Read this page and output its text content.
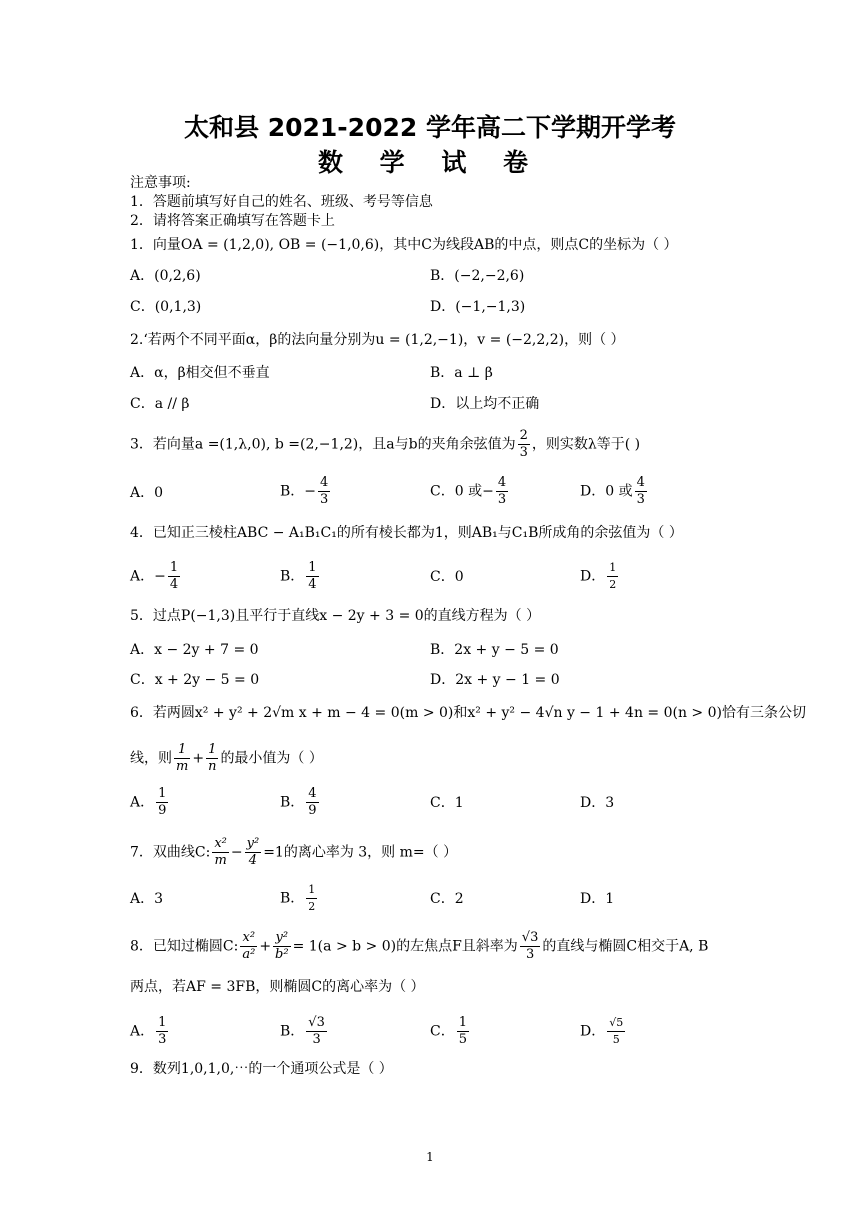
太和县 2021-2022 学年高二下学期开学考
数 学 试 卷
注意事项:
1．答题前填写好自己的姓名、班级、考号等信息
2．请将答案正确填写在答题卡上
1．向量OA = (1,2,0), OB = (−1,0,6)，其中C为线段AB的中点，则点C的坐标为（ ）
A．(0,2,6)	B．(−2,−2,6)
C．(0,1,3)	D．(−1,−1,3)
2.‘若两个不同平面α，β的法向量分别为u = (1,2,−1)，v = (−2,2,2)，则（ ）
A．α，β相交但不垂直	B．a ⊥ β
C．a // β	D．以上均不正确
3．若向量a =(1,λ,0), b =(2,−1,2)，且a与b的夹角余弦值为 $\frac{2}{3}$ ，则实数λ等于( )
A．0	B．− $\frac{4}{3}$	C．0 或− $\frac{4}{3}$	D．0 或 $\frac{4}{3}$
4．已知正三棱柱ABC − A₁B₁C₁的所有棱长都为1，则AB₁与C₁B所成角的余弦值为（ ）
A．− $\frac{1}{4}$	B． $\frac{1}{4}$	C．0	D． $\frac{1}{2}$
5．过点P(−1,3)且平行于直线x − 2y + 3 = 0的直线方程为（ ）
A．x − 2y + 7 = 0	B．2x + y − 5 = 0
C．x + 2y − 5 = 0	D．2x + y − 1 = 0
6．若两圆x² + y² + 2√m x + m − 4 = 0(m > 0)和x² + y² − 4√n y − 1 + 4n = 0(n > 0)恰有三条公切
线，则 $\frac{1}{m} + \frac{1}{n}$ 的最小值为（ ）
A． $\frac{1}{9}$	B． $\frac{4}{9}$	C．1	D．3
7．双曲线C: $\frac{\text{x²}}{m} - \frac{\text{y²}}{4} =1$的离心率为 3，则 m=（ ）
A．3	B． $\frac{1}{2}$	C．2	D．1
8．已知过椭圆C: $\frac{\text{x²}}{\text{a²}} + \frac{\text{y²}}{\text{b²}} = 1(a > b > 0)$的左焦点F且斜率为 $\frac{√3}{3}$ 的直线与椭圆C相交于A, B
两点，若AF = 3FB，则椭圆C的离心率为（ ）
A． $\frac{1}{3}$	B． $\frac{√3}{3}$	C． $\frac{1}{5}$	D． $\frac{√5}{5}$
9．数列1,0,1,0,⋯的一个通项公式是（ ）
1
